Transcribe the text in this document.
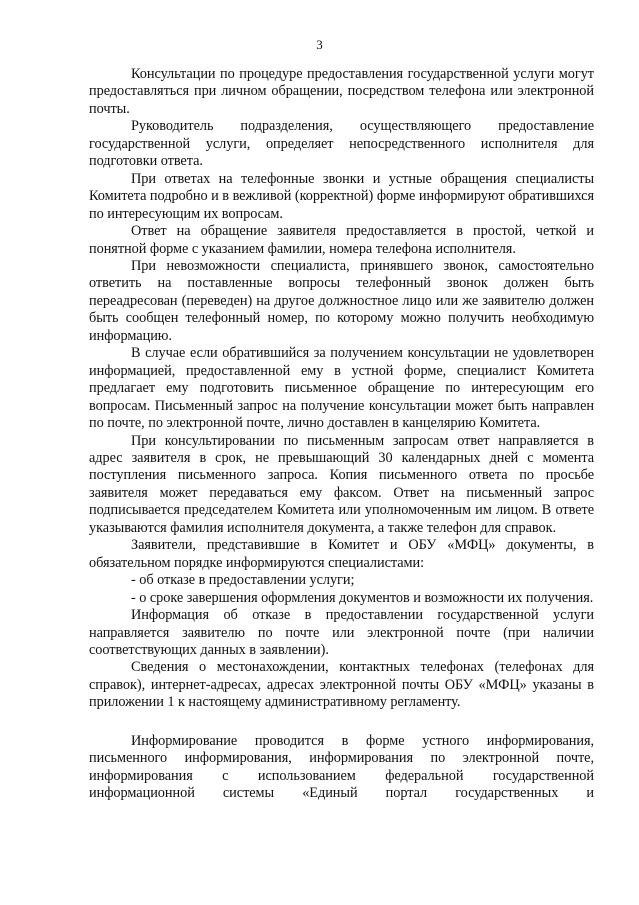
3

Консультации по процедуре предоставления государственной услуги могут предоставляться при личном обращении, посредством телефона или электронной почты.

Руководитель подразделения, осуществляющего предоставление государственной услуги, определяет непосредственного исполнителя для подготовки ответа.

При ответах на телефонные звонки и устные обращения специалисты Комитета подробно и в вежливой (корректной) форме информируют обратившихся по интересующим их вопросам.

Ответ на обращение заявителя предоставляется в простой, четкой и понятной форме с указанием фамилии, номера телефона исполнителя.

При невозможности специалиста, принявшего звонок, самостоятельно ответить на поставленные вопросы телефонный звонок должен быть переадресован (переведен) на другое должностное лицо или же заявителю должен быть сообщен телефонный номер, по которому можно получить необходимую информацию.

В случае если обратившийся за получением консультации не удовлетворен информацией, предоставленной ему в устной форме, специалист Комитета предлагает ему подготовить письменное обращение по интересующим его вопросам. Письменный запрос на получение консультации может быть направлен по почте, по электронной почте, лично доставлен в канцелярию Комитета.

При консультировании по письменным запросам ответ направляется в адрес заявителя в срок, не превышающий 30 календарных дней с момента поступления письменного запроса. Копия письменного ответа по просьбе заявителя может передаваться ему факсом. Ответ на письменный запрос подписывается председателем Комитета или уполномоченным им лицом. В ответе указываются фамилия исполнителя документа, а также телефон для справок.

Заявители, представившие в Комитет и ОБУ «МФЦ» документы, в обязательном порядке информируются специалистами:

- об отказе в предоставлении услуги;

- о сроке завершения оформления документов и возможности их получения.

Информация об отказе в предоставлении государственной услуги направляется заявителю по почте или электронной почте (при наличии соответствующих данных в заявлении).

Сведения о местонахождении, контактных телефонах (телефонах для справок), интернет-адресах, адресах электронной почты ОБУ «МФЦ» указаны в приложении 1 к настоящему административному регламенту.

Информирование проводится в форме устного информирования, письменного информирования, информирования по электронной почте, информирования с использованием федеральной государственной информационной системы «Единый портал государственных и
